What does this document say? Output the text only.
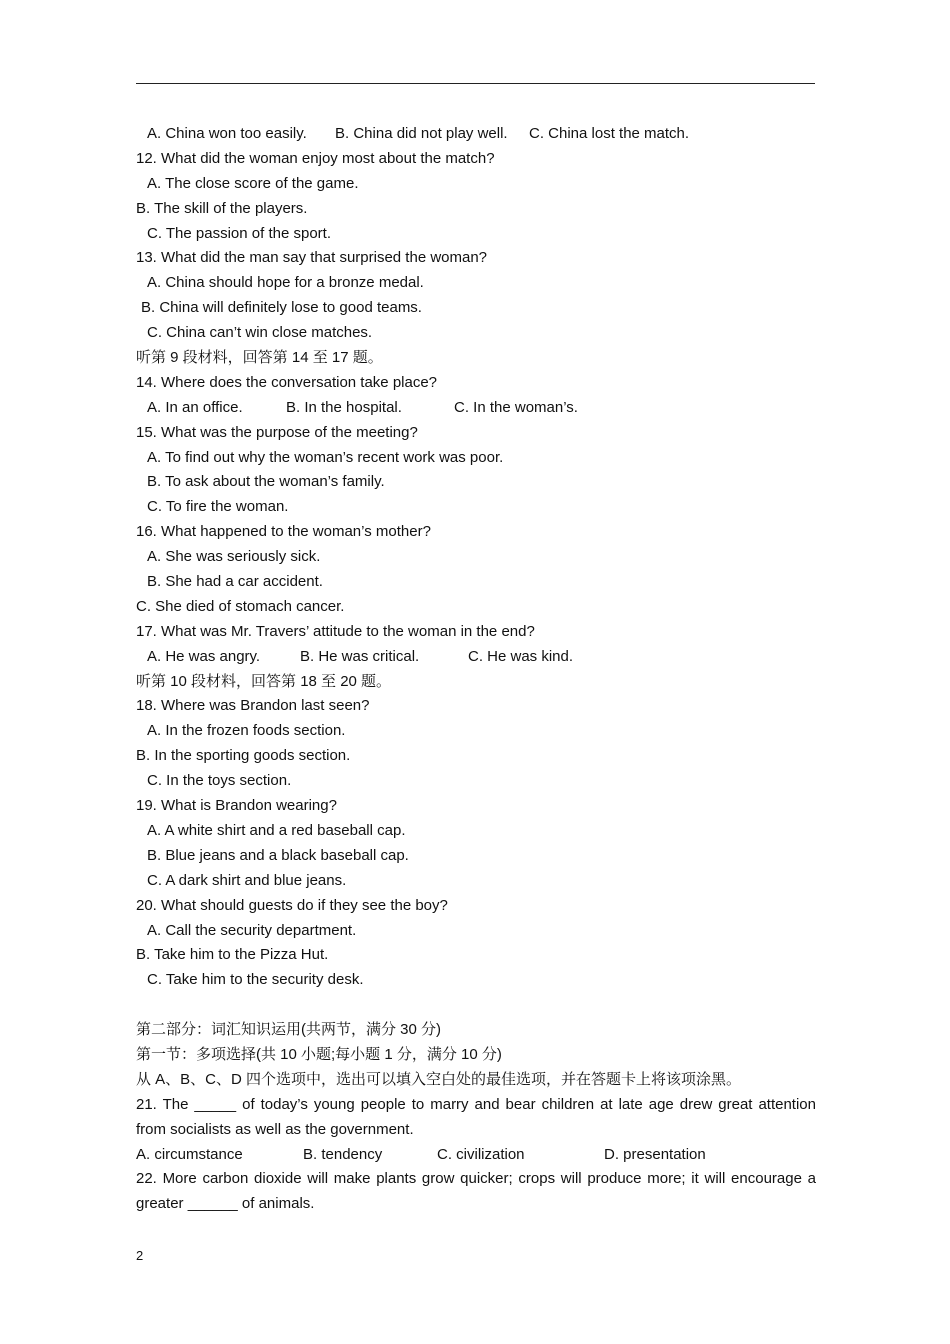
A. China won too easily. B. China did not play well. C. China lost the match.
12. What did the woman enjoy most about the match?
A. The close score of the game.
B. The skill of the players.
C. The passion of the sport.
13. What did the man say that surprised the woman?
A. China should hope for a bronze medal.
B. China will definitely lose to good teams.
C. China can’t win close matches.
听第 9 段材料，回答第 14 至 17 题。
14. Where does the conversation take place?
A. In an office.	B. In the hospital.	C. In the woman’s.
15. What was the purpose of the meeting?
A. To find out why the woman’s recent work was poor.
B. To ask about the woman’s family.
C. To fire the woman.
16. What happened to the woman’s mother?
A. She was seriously sick.
B. She had a car accident.
C. She died of stomach cancer.
17. What was Mr. Travers’ attitude to the woman in the end?
A. He was angry.	B. He was critical.	C. He was kind.
听第 10 段材料，回答第 18 至 20 题。
18. Where was Brandon last seen?
A. In the frozen foods section.
B. In the sporting goods section.
C. In the toys section.
19. What is Brandon wearing?
A. A white shirt and a red baseball cap.
B. Blue jeans and a black baseball cap.
C. A dark shirt and blue jeans.
20. What should guests do if they see the boy?
A. Call the security department.
B. Take him to the Pizza Hut.
C. Take him to the security desk.
第二部分：词汇知识运用(共两节，满分 30 分)
第一节：多项选择(共 10 小题;每小题 1 分，满分 10 分)
从 A、B、C、D 四个选项中，选出可以填入空白处的最佳选项，并在答题卡上将该项涂黑。
21. The _____ of today’s young people to marry and bear children at late age drew great attention from socialists as well as the government.
A. circumstance	B. tendency	C. civilization	D. presentation
22. More carbon dioxide will make plants grow quicker; crops will produce more; it will encourage a greater ______ of animals.
2
